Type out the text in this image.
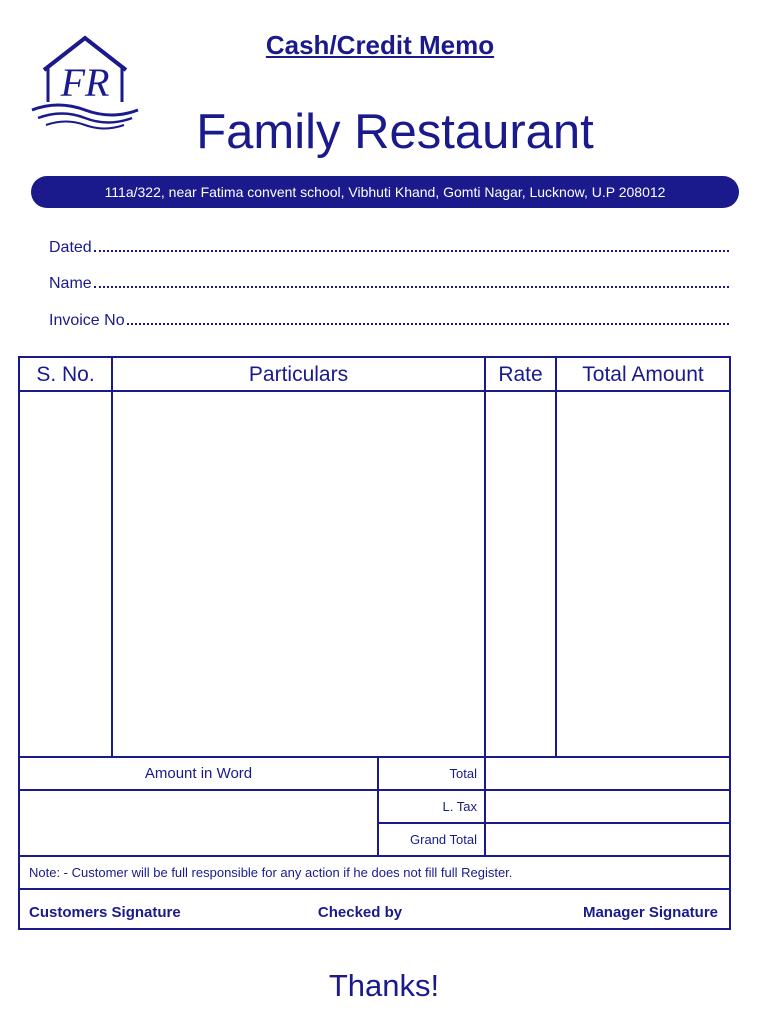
FR
Cash/Credit Memo
Family Restaurant
111a/322, near Fatima convent school, Vibhuti Khand, Gomti Nagar, Lucknow, U.P 208012
Dated
Name
Invoice No
S. No.	Particulars	Rate	Total Amount
Amount in Word	Total
L. Tax
Grand Total
Note: - Customer will be full responsible for any action if he does not fill full Register.
Customers Signature	Checked by	Manager Signature
Thanks!
